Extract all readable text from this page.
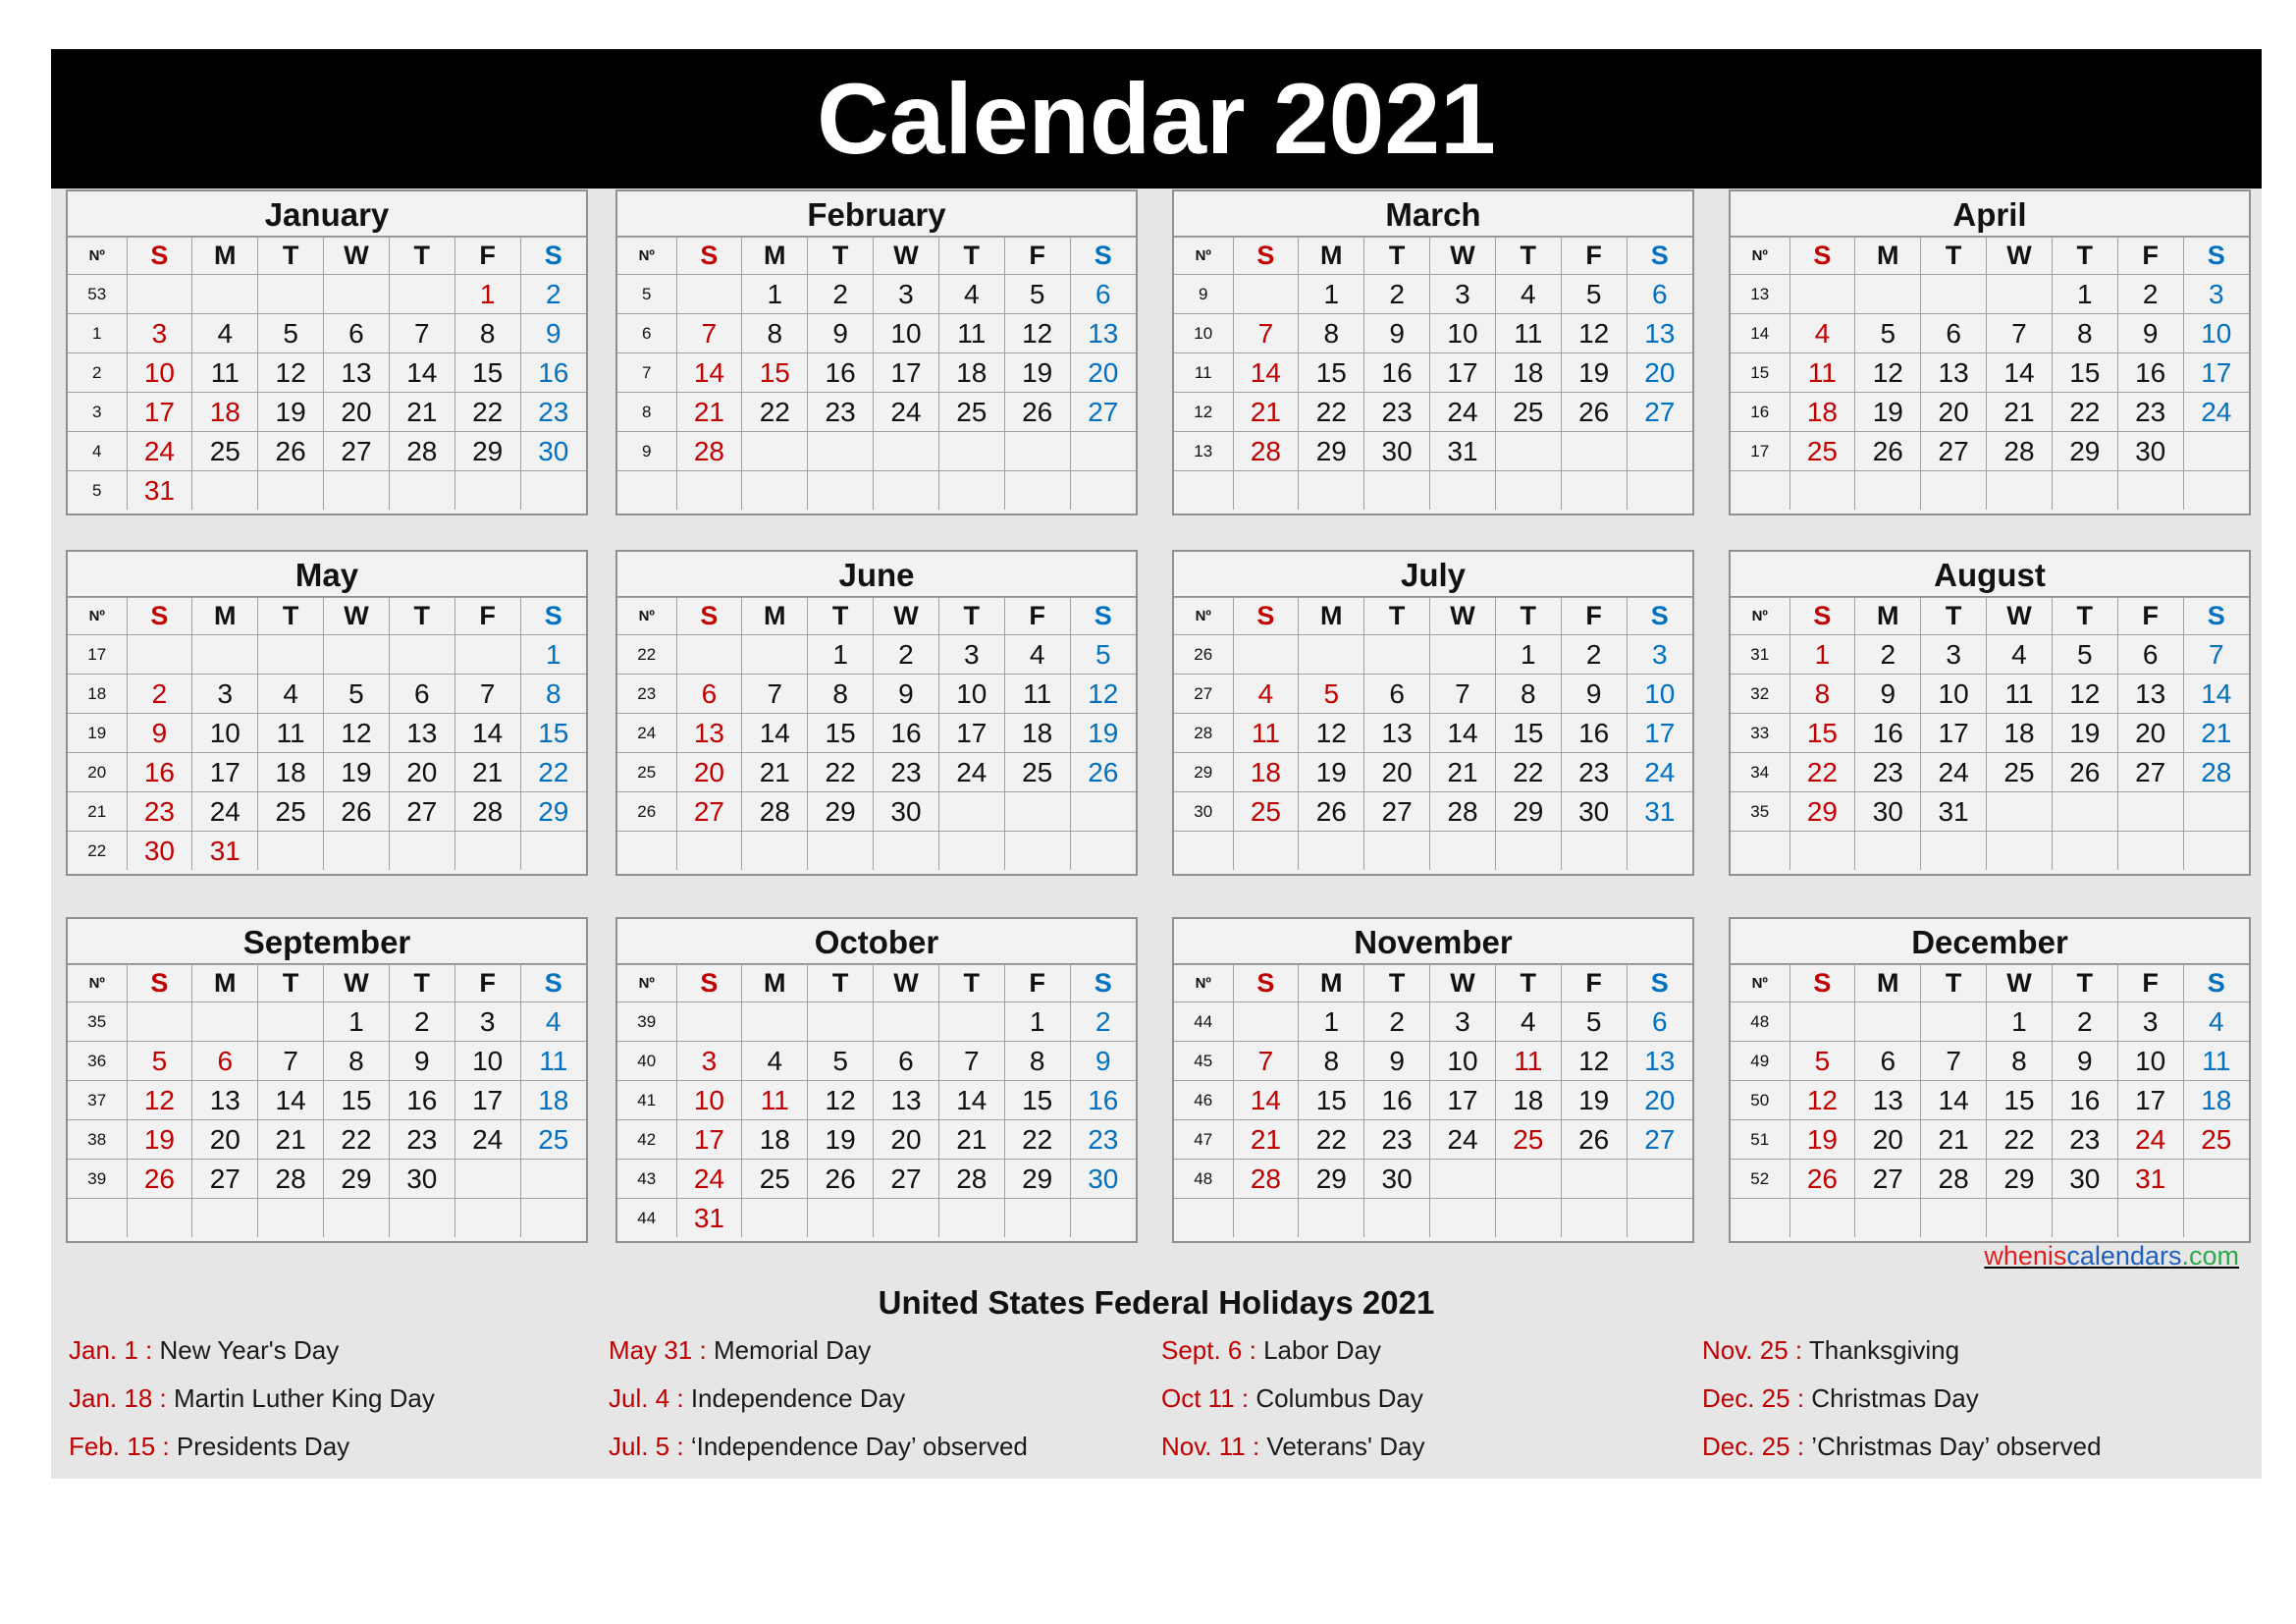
Calendar 2021
January
Nº	S	M	T	W	T	F	S
53						1	2
1	3	4	5	6	7	8	9
2	10	11	12	13	14	15	16
3	17	18	19	20	21	22	23
4	24	25	26	27	28	29	30
5	31						
February
Nº	S	M	T	W	T	F	S
5		1	2	3	4	5	6
6	7	8	9	10	11	12	13
7	14	15	16	17	18	19	20
8	21	22	23	24	25	26	27
9	28						

March
Nº	S	M	T	W	T	F	S
9		1	2	3	4	5	6
10	7	8	9	10	11	12	13
11	14	15	16	17	18	19	20
12	21	22	23	24	25	26	27
13	28	29	30	31			

April
Nº	S	M	T	W	T	F	S
13					1	2	3
14	4	5	6	7	8	9	10
15	11	12	13	14	15	16	17
16	18	19	20	21	22	23	24
17	25	26	27	28	29	30	

May
Nº	S	M	T	W	T	F	S
17							1
18	2	3	4	5	6	7	8
19	9	10	11	12	13	14	15
20	16	17	18	19	20	21	22
21	23	24	25	26	27	28	29
22	30	31					
June
Nº	S	M	T	W	T	F	S
22			1	2	3	4	5
23	6	7	8	9	10	11	12
24	13	14	15	16	17	18	19
25	20	21	22	23	24	25	26
26	27	28	29	30			

July
Nº	S	M	T	W	T	F	S
26					1	2	3
27	4	5	6	7	8	9	10
28	11	12	13	14	15	16	17
29	18	19	20	21	22	23	24
30	25	26	27	28	29	30	31

August
Nº	S	M	T	W	T	F	S
31	1	2	3	4	5	6	7
32	8	9	10	11	12	13	14
33	15	16	17	18	19	20	21
34	22	23	24	25	26	27	28
35	29	30	31				

September
Nº	S	M	T	W	T	F	S
35				1	2	3	4
36	5	6	7	8	9	10	11
37	12	13	14	15	16	17	18
38	19	20	21	22	23	24	25
39	26	27	28	29	30		

October
Nº	S	M	T	W	T	F	S
39						1	2
40	3	4	5	6	7	8	9
41	10	11	12	13	14	15	16
42	17	18	19	20	21	22	23
43	24	25	26	27	28	29	30
44	31						
November
Nº	S	M	T	W	T	F	S
44		1	2	3	4	5	6
45	7	8	9	10	11	12	13
46	14	15	16	17	18	19	20
47	21	22	23	24	25	26	27
48	28	29	30				

December
Nº	S	M	T	W	T	F	S
48				1	2	3	4
49	5	6	7	8	9	10	11
50	12	13	14	15	16	17	18
51	19	20	21	22	23	24	25
52	26	27	28	29	30	31	

wheniscalendars.com
United States Federal Holidays 2021
Jan. 1 : New Year's Day
Jan. 18 : Martin Luther King Day
Feb. 15 : Presidents Day
May 31 : Memorial Day
Jul. 4 : Independence Day
Jul. 5 : ‘Independence Day’ observed
Sept. 6 : Labor Day
Oct 11 : Columbus Day
Nov. 11 : Veterans' Day
Nov. 25 : Thanksgiving
Dec. 25 : Christmas Day
Dec. 25 : ’Christmas Day’ observed
